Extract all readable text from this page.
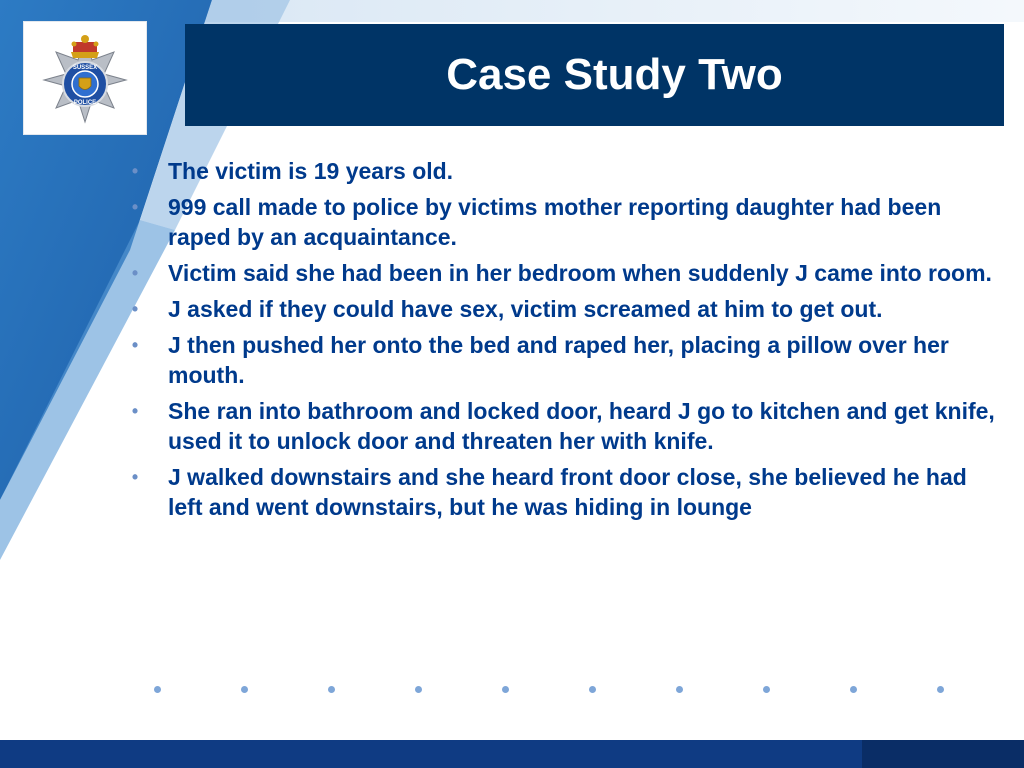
SUSSEX
POLICE
Case Study Two
• The victim is 19 years old.
• 999 call made to police by victims mother reporting daughter had been raped by an acquaintance.
• Victim said she had been in her bedroom when suddenly J came into room.
• J asked if they could have sex, victim screamed at him to get out.
• J then pushed her onto the bed and raped her, placing a pillow over her mouth.
• She ran into bathroom and locked door, heard J go to kitchen and get knife, used it to unlock door and threaten her with knife.
• J walked downstairs and she heard front door close, she believed he had left and went downstairs, but he was hiding in lounge
